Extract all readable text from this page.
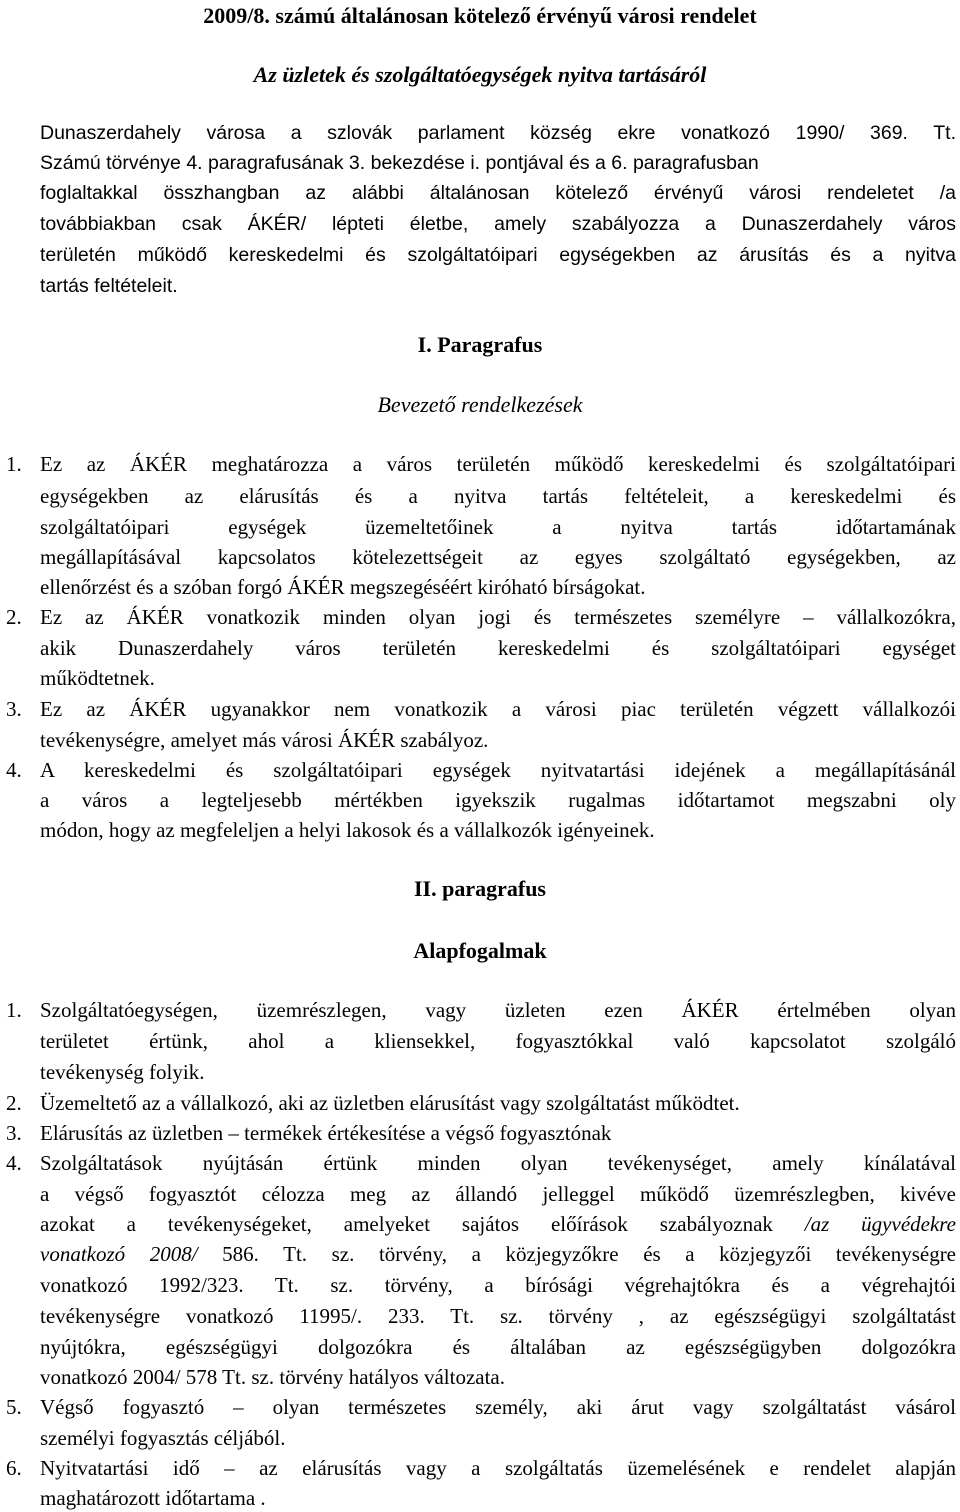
2009/8. számú általánosan kötelező érvényű városi rendelet
Az üzletek és szolgáltatóegységek nyitva tartásáról
Dunaszerdahely városa a szlovák parlament község ekre vonatkozó 1990/ 369. Tt.
Számú törvénye 4. paragrafusának 3. bekezdése i. pontjával és a 6. paragrafusban
foglaltakkal összhangban az alábbi általánosan kötelező érvényű városi rendeletet /a
továbbiakban csak ÁKÉR/ lépteti életbe, amely szabályozza a Dunaszerdahely város
területén működő kereskedelmi és szolgáltatóipari egységekben az árusítás és a nyitva
tartás feltételeit.
I. Paragrafus
Bevezető rendelkezések
1. Ez az ÁKÉR meghatározza a város területén működő kereskedelmi és szolgáltatóipari
egységekben az elárusítás és a nyitva tartás feltételeit, a kereskedelmi és
szolgáltatóipari egységek üzemeltetőinek a nyitva tartás időtartamának
megállapításával kapcsolatos kötelezettségeit az egyes szolgáltató egységekben, az
ellenőrzést és a szóban forgó ÁKÉR megszegéséért kiróható bírságokat.
2. Ez az ÁKÉR vonatkozik minden olyan jogi és természetes személyre – vállalkozókra,
akik Dunaszerdahely város területén kereskedelmi és szolgáltatóipari egységet
működtetnek.
3. Ez az ÁKÉR ugyanakkor nem vonatkozik a városi piac területén végzett vállalkozói
tevékenységre, amelyet más városi ÁKÉR szabályoz.
4. A kereskedelmi és szolgáltatóipari egységek nyitvatartási idejének a megállapításánál
a város a legteljesebb mértékben igyekszik rugalmas időtartamot megszabni oly
módon, hogy az megfeleljen a helyi lakosok és a vállalkozók igényeinek.
II. paragrafus
Alapfogalmak
1. Szolgáltatóegységen, üzemrészlegen, vagy üzleten ezen ÁKÉR értelmében olyan
területet értünk, ahol a kliensekkel, fogyasztókkal való kapcsolatot szolgáló
tevékenység folyik.
2. Üzemeltető az a vállalkozó, aki az üzletben elárusítást vagy szolgáltatást működtet.
3. Elárusítás az üzletben – termékek értékesítése a végső fogyasztónak
4. Szolgáltatások nyújtásán értünk minden olyan tevékenységet, amely kínálatával
a végső fogyasztót célozza meg az állandó jelleggel működő üzemrészlegben, kivéve
azokat a tevékenységeket, amelyeket sajátos előírások szabályoznak /az ügyvédekre
vonatkozó 2008/ 586. Tt. sz. törvény, a közjegyzőkre és a közjegyzői tevékenységre
vonatkozó 1992/323. Tt. sz. törvény, a bírósági végrehajtókra és a végrehajtói
tevékenységre vonatkozó 11995/. 233. Tt. sz. törvény , az egészségügyi szolgáltatást
nyújtókra, egészségügyi dolgozókra és általában az egészségügyben dolgozókra
vonatkozó 2004/ 578 Tt. sz. törvény hatályos változata.
5. Végső fogyasztó – olyan természetes személy, aki árut vagy szolgáltatást vásárol
személyi fogyasztás céljából.
6. Nyitvatartási idő – az elárusítás vagy a szolgáltatás üzemelésének e rendelet alapján
maghatározott időtartama .
